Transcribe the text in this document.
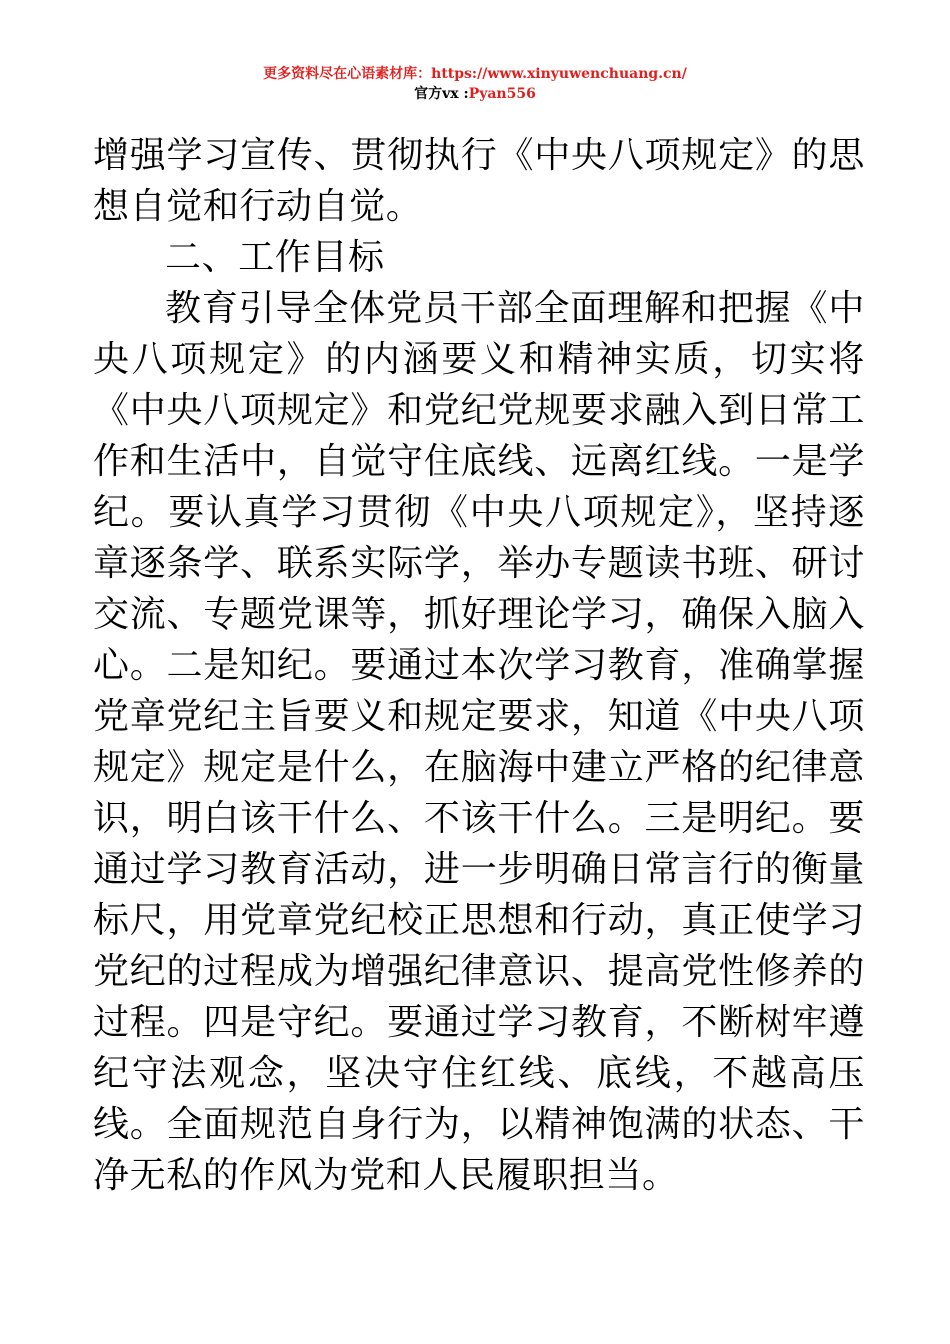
更多资料尽在心语素材库：https://www.xinyuwenchuang.cn/
官方vx :Pyan556

增强学习宣传、贯彻执行《中央八项规定》的思想自觉和行动自觉。

二、工作目标

教育引导全体党员干部全面理解和把握《中央八项规定》的内涵要义和精神实质，切实将《中央八项规定》和党纪党规要求融入到日常工作和生活中，自觉守住底线、远离红线。一是学纪。要认真学习贯彻《中央八项规定》，坚持逐章逐条学、联系实际学，举办专题读书班、研讨交流、专题党课等，抓好理论学习，确保入脑入心。二是知纪。要通过本次学习教育，准确掌握党章党纪主旨要义和规定要求，知道《中央八项规定》规定是什么，在脑海中建立严格的纪律意识，明白该干什么、不该干什么。三是明纪。要通过学习教育活动，进一步明确日常言行的衡量标尺，用党章党纪校正思想和行动，真正使学习党纪的过程成为增强纪律意识、提高党性修养的过程。四是守纪。要通过学习教育，不断树牢遵纪守法观念，坚决守住红线、底线，不越高压线。全面规范自身行为，以精神饱满的状态、干净无私的作风为党和人民履职担当。
